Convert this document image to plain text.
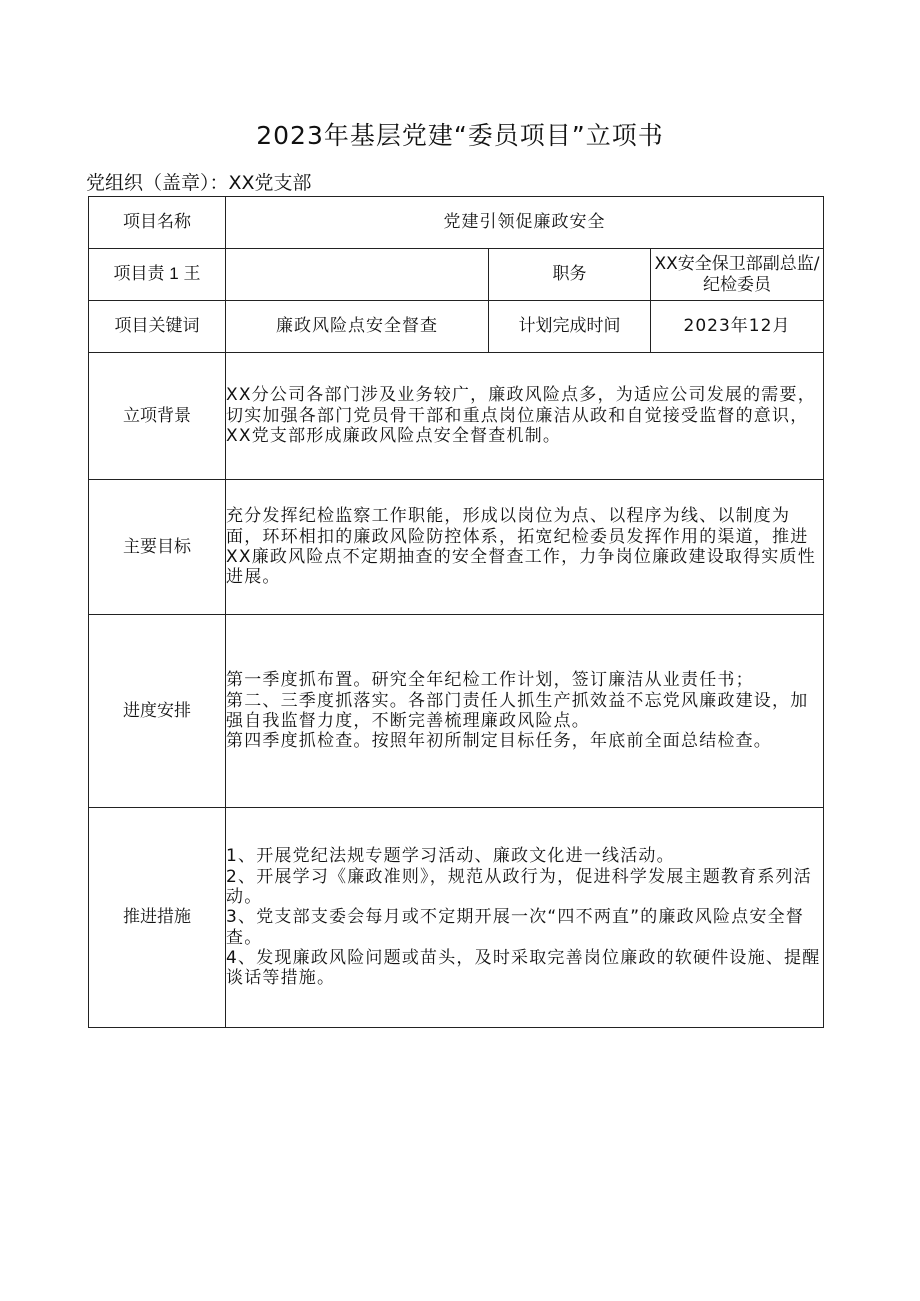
2023年基层党建“委员项目”立项书
党组织（盖章）：XX党支部
项目名称	党建引领促廉政安全		
项目责 1 王		职务	XX安全保卫部副总监/纪检委员
项目关键词	廉政风险点安全督查	计划完成时间	2023年12月
立项背景	XX分公司各部门涉及业务较广，廉政风险点多，为适应公司发展的需要，切实加强各部门党员骨干部和重点岗位廉洁从政和自觉接受监督的意识，XX党支部形成廉政风险点安全督查机制。		
主要目标	充分发挥纪检监察工作职能，形成以岗位为点、以程序为线、以制度为面，环环相扣的廉政风险防控体系，拓宽纪检委员发挥作用的渠道，推进XX廉政风险点不定期抽查的安全督查工作，力争岗位廉政建设取得实质性进展。		
进度安排	第一季度抓布置。研究全年纪检工作计划，签订廉洁从业责任书；
第二、三季度抓落实。各部门责任人抓生产抓效益不忘党风廉政建设，加强自我监督力度，不断完善梳理廉政风险点。
第四季度抓检查。按照年初所制定目标任务，年底前全面总结检查。		

推进措施	1、开展党纪法规专题学习活动、廉政文化进一线活动。
2、开展学习《廉政准则》，规范从政行为，促进科学发展主题教育系列活动。
3、党支部支委会每月或不定期开展一次“四不两直”的廉政风险点安全督查。
4、发现廉政风险问题或苗头，及时采取完善岗位廉政的软硬件设施、提醒谈话等措施。		
